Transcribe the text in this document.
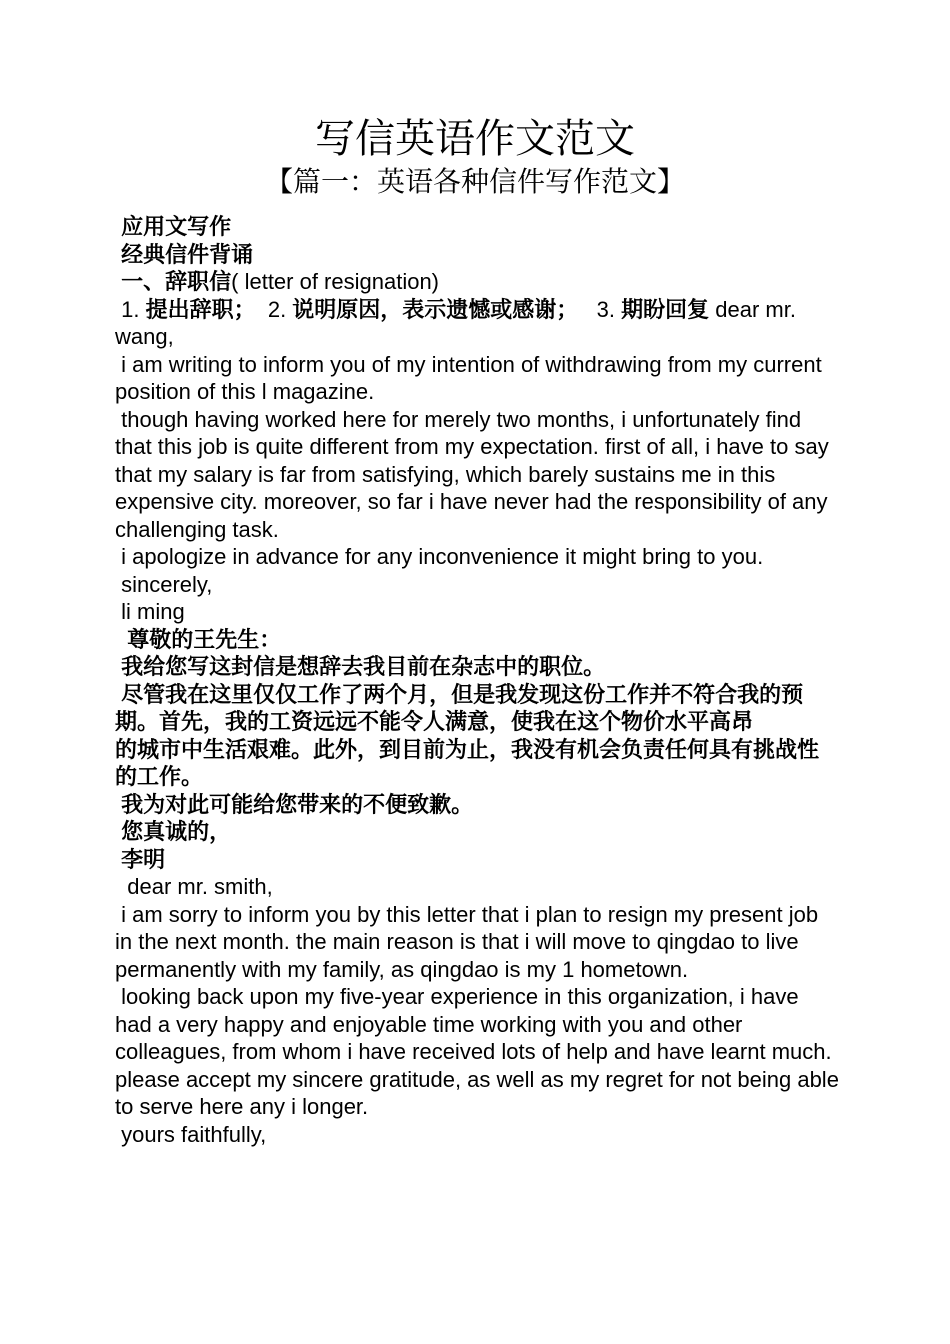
写信英语作文范文
【篇一：英语各种信件写作范文】
应用文写作
经典信件背诵
一、辞职信( letter of resignation)
1. 提出辞职；  2. 说明原因，表示遗憾或感谢；   3. 期盼回复 dear mr. wang,
i am writing to inform you of my intention of withdrawing from my current position of this l magazine.
though having worked here for merely two months, i unfortunately find that this job is quite different from my expectation. first of all, i have to say that my salary is far from satisfying, which barely sustains me in this expensive city. moreover, so far i have never had the responsibility of any challenging task.
i apologize in advance for any inconvenience it might bring to you.
sincerely,
li ming
尊敬的王先生：
我给您写这封信是想辞去我目前在杂志中的职位。
尽管我在这里仅仅工作了两个月，但是我发现这份工作并不符合我的预期。首先，我的工资远远不能令人满意，使我在这个物价水平高昂
的城市中生活艰难。此外，到目前为止，我没有机会负责任何具有挑战性的工作。
我为对此可能给您带来的不便致歉。
您真诚的，
李明
dear mr. smith,
i am sorry to inform you by this letter that i plan to resign my present job in the next month. the main reason is that i will move to qingdao to live permanently with my family, as qingdao is my 1 hometown.
looking back upon my five-year experience in this organization, i have had a very happy and enjoyable time working with you and other colleagues, from whom i have received lots of help and have learnt much. please accept my sincere gratitude, as well as my regret for not being able to serve here any i longer.
yours faithfully,
